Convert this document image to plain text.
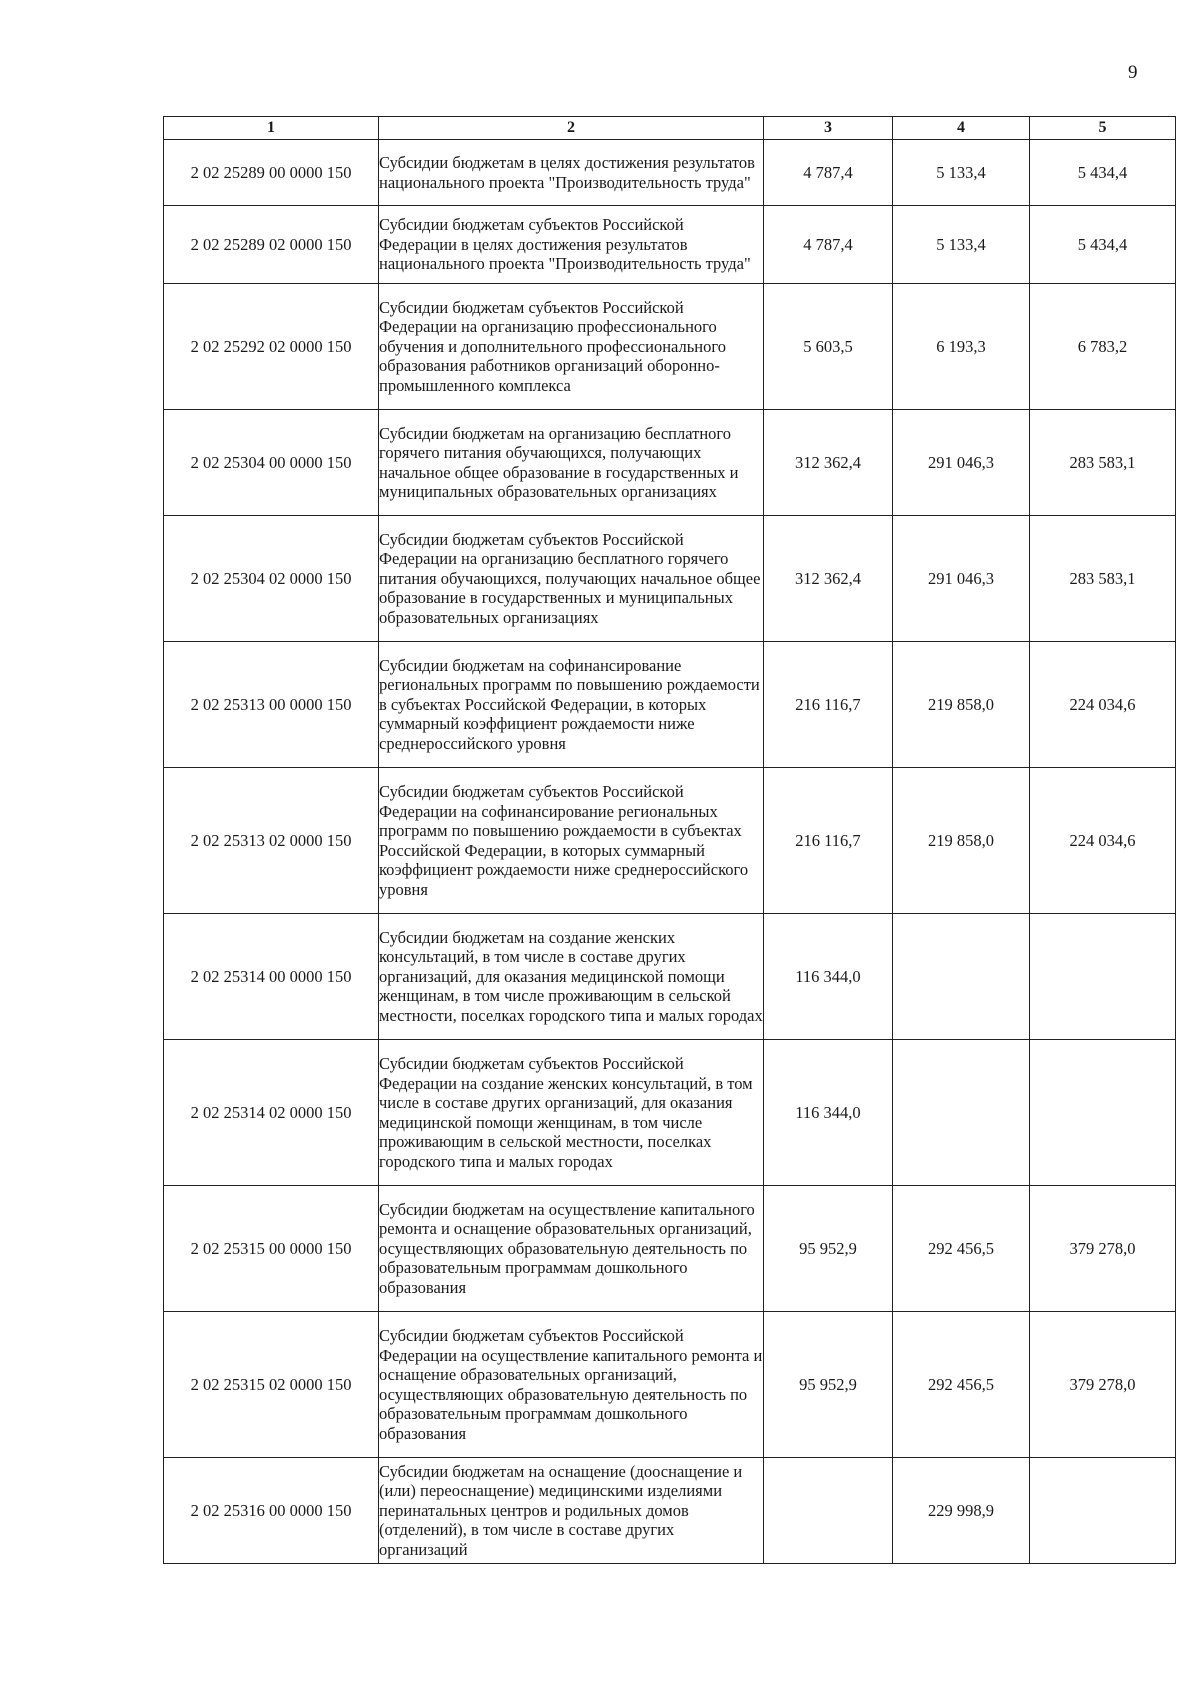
9
1	2	3	4	5
2 02 25289 00 0000 150	Субсидии бюджетам в целях достижения результатов национального проекта "Производительность труда"	4 787,4	5 133,4	5 434,4
2 02 25289 02 0000 150	Субсидии бюджетам субъектов Российской Федерации в целях достижения результатов национального проекта "Производительность труда"	4 787,4	5 133,4	5 434,4
2 02 25292 02 0000 150	Субсидии бюджетам субъектов Российской Федерации на организацию профессионального обучения и дополнительного профессионального образования работников организаций оборонно-промышленного комплекса	5 603,5	6 193,3	6 783,2
2 02 25304 00 0000 150	Субсидии бюджетам на организацию бесплатного горячего питания обучающихся, получающих начальное общее образование в государственных и муниципальных образовательных организациях	312 362,4	291 046,3	283 583,1
2 02 25304 02 0000 150	Субсидии бюджетам субъектов Российской Федерации на организацию бесплатного горячего питания обучающихся, получающих начальное общее образование в государственных и муниципальных образовательных организациях	312 362,4	291 046,3	283 583,1
2 02 25313 00 0000 150	Субсидии бюджетам на софинансирование региональных программ по повышению рождаемости в субъектах Российской Федерации, в которых суммарный коэффициент рождаемости ниже среднероссийского уровня	216 116,7	219 858,0	224 034,6
2 02 25313 02 0000 150	Субсидии бюджетам субъектов Российской Федерации на софинансирование региональных программ по повышению рождаемости в субъектах Российской Федерации, в которых суммарный коэффициент рождаемости ниже среднероссийского уровня	216 116,7	219 858,0	224 034,6
2 02 25314 00 0000 150	Субсидии бюджетам на создание женских консультаций, в том числе в составе других организаций, для оказания медицинской помощи женщинам, в том числе проживающим в сельской местности, поселках городского типа и малых городах	116 344,0		
2 02 25314 02 0000 150	Субсидии бюджетам субъектов Российской Федерации на создание женских консультаций, в том числе в составе других организаций, для оказания медицинской помощи женщинам, в том числе проживающим в сельской местности, поселках городского типа и малых городах	116 344,0		
2 02 25315 00 0000 150	Субсидии бюджетам на осуществление капитального ремонта и оснащение образовательных организаций, осуществляющих образовательную деятельность по образовательным программам дошкольного образования	95 952,9	292 456,5	379 278,0
2 02 25315 02 0000 150	Субсидии бюджетам субъектов Российской Федерации на осуществление капитального ремонта и оснащение образовательных организаций, осуществляющих образовательную деятельность по образовательным программам дошкольного образования	95 952,9	292 456,5	379 278,0
2 02 25316 00 0000 150	Субсидии бюджетам на оснащение (дооснащение и (или) переоснащение) медицинскими изделиями перинатальных центров и родильных домов (отделений), в том числе в составе других организаций		229 998,9	
